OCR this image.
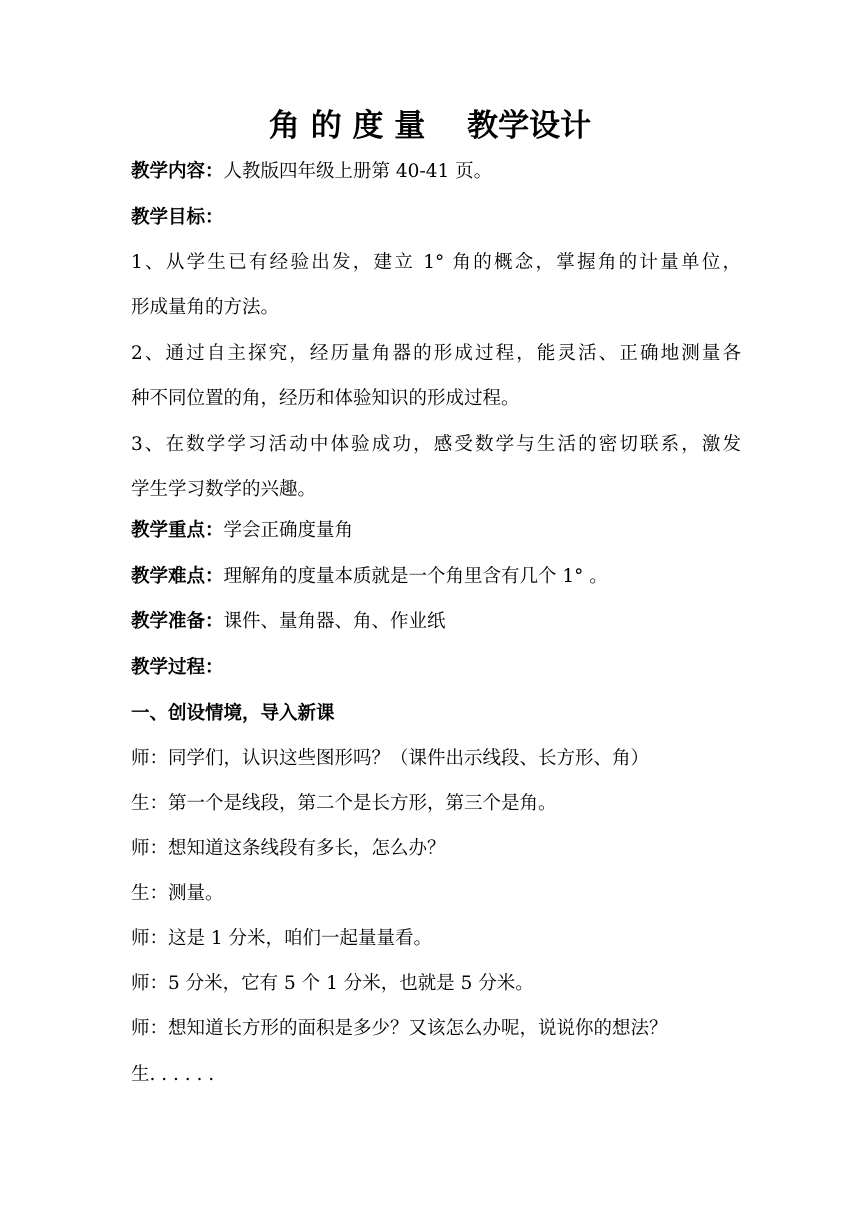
角 的 度 量　 教学设计
教学内容：人教版四年级上册第 40-41 页。
教学目标：
1、从学生已有经验出发，建立 1° 角的概念，掌握角的计量单位，
形成量角的方法。
2、通过自主探究，经历量角器的形成过程，能灵活、正确地测量各
种不同位置的角，经历和体验知识的形成过程。
3、在数学学习活动中体验成功，感受数学与生活的密切联系，激发
学生学习数学的兴趣。
教学重点：学会正确度量角
教学难点：理解角的度量本质就是一个角里含有几个 1° 。
教学准备：课件、量角器、角、作业纸
教学过程：
一、创设情境，导入新课
师：同学们，认识这些图形吗？（课件出示线段、长方形、角）
生：第一个是线段，第二个是长方形，第三个是角。
师：想知道这条线段有多长，怎么办？
生：测量。
师：这是 1 分米，咱们一起量量看。
师：5 分米，它有 5 个 1 分米，也就是 5 分米。
师：想知道长方形的面积是多少？又该怎么办呢，说说你的想法？
生. . . . . .
